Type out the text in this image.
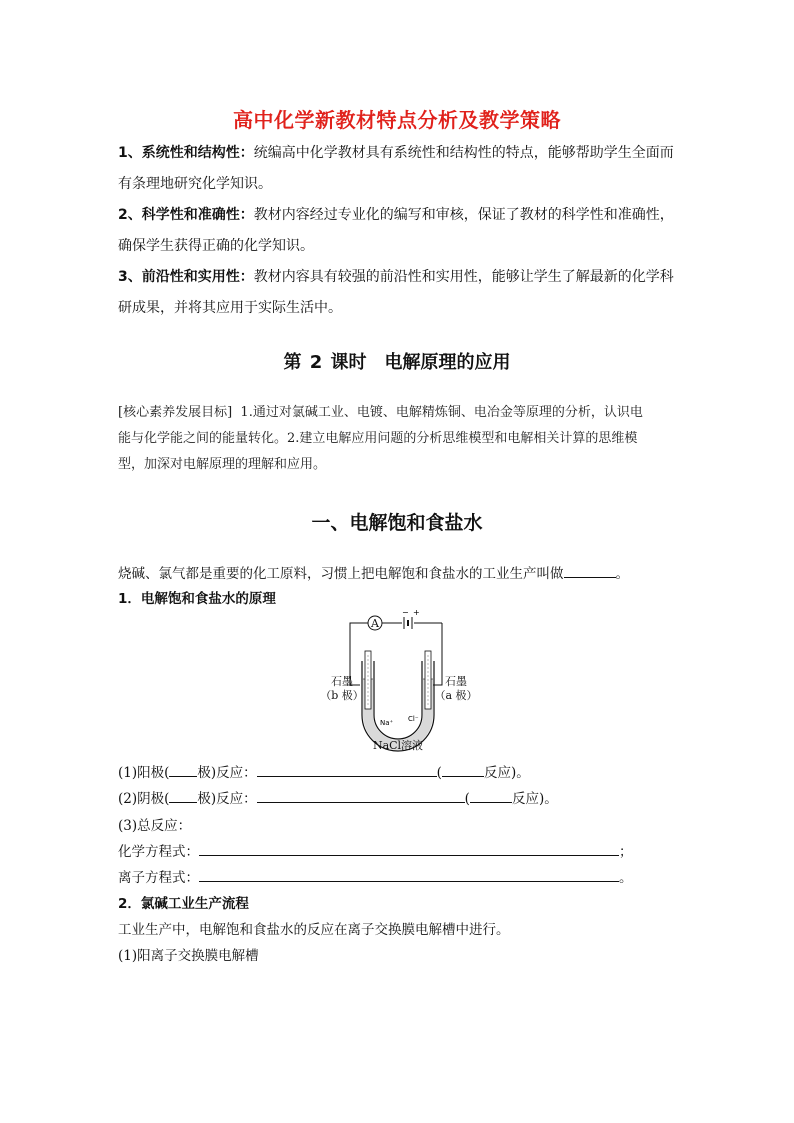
高中化学新教材特点分析及教学策略
1、系统性和结构性：统编高中化学教材具有系统性和结构性的特点，能够帮助学生全面而
有条理地研究化学知识。
2、科学性和准确性：教材内容经过专业化的编写和审核，保证了教材的科学性和准确性，
确保学生获得正确的化学知识。
3、前沿性和实用性：教材内容具有较强的前沿性和实用性，能够让学生了解最新的化学科
研成果，并将其应用于实际生活中。
第 2 课时 电解原理的应用
[核心素养发展目标] 1.通过对氯碱工业、电镀、电解精炼铜、电冶金等原理的分析，认识电
能与化学能之间的能量转化。2.建立电解应用问题的分析思维模型和电解相关计算的思维模
型，加深对电解原理的理解和应用。
一、电解饱和食盐水
烧碱、氯气都是重要的化工原料，习惯上把电解饱和食盐水的工业生产叫做	。
1．电解饱和食盐水的原理
A
− +
Na⁺ Cl⁻
石墨
（b 极）
石墨
（a 极）
NaCl溶液
(1)阳极( 极)反应：	(	反应)。
(2)阴极( 极)反应：	(	反应)。
(3)总反应：
化学方程式：	；
离子方程式：	。
2．氯碱工业生产流程
工业生产中，电解饱和食盐水的反应在离子交换膜电解槽中进行。
(1)阳离子交换膜电解槽
